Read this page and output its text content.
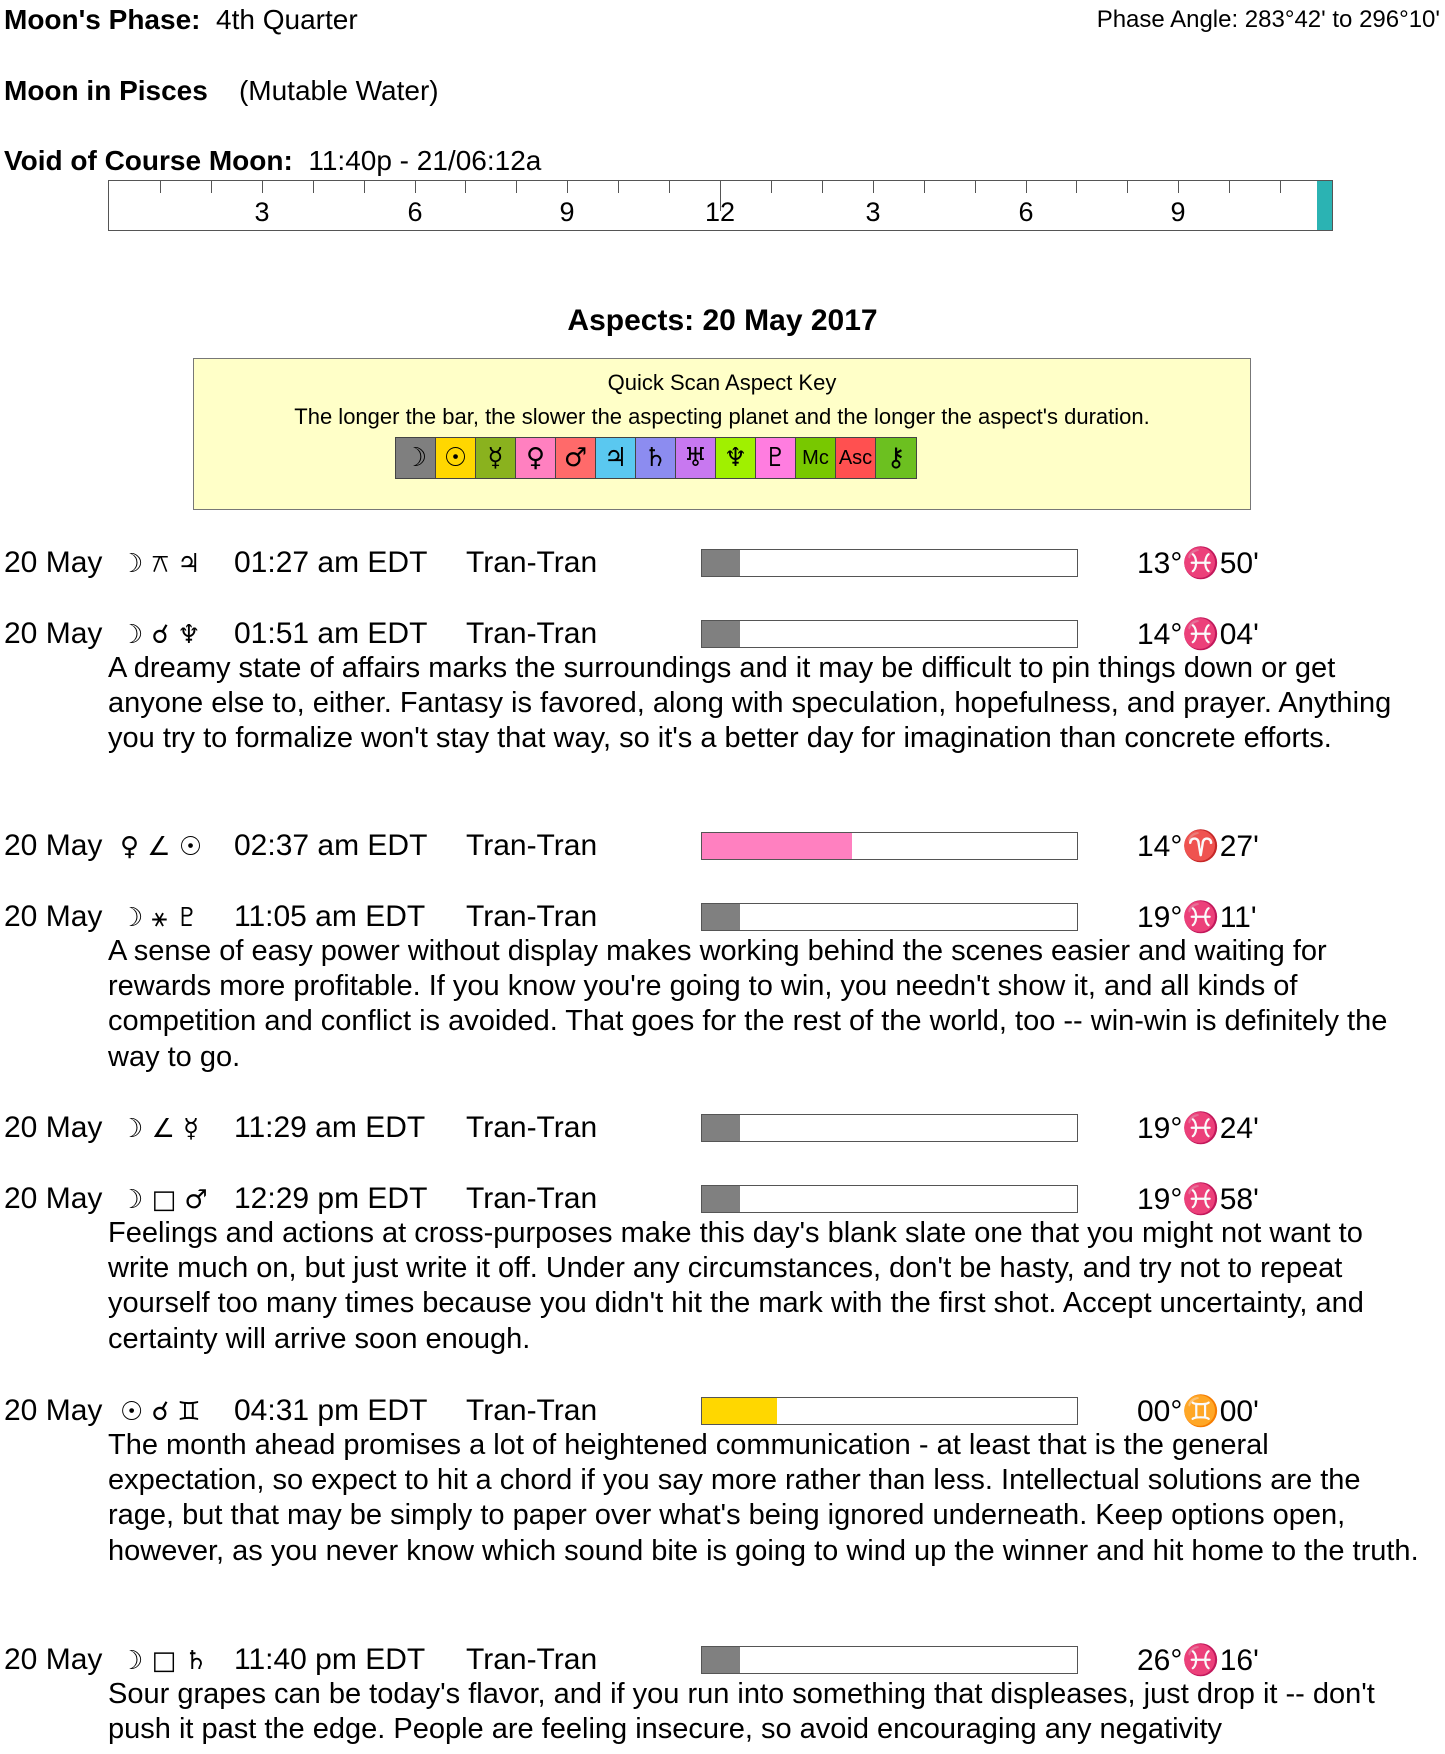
Moon's Phase: 4th Quarter	Phase Angle: 283°42' to 296°10'
Moon in Pisces (Mutable Water)
Void of Course Moon: 11:40p - 21/06:12a
3	6	9	12	3	6	9
Aspects: 20 May 2017
Quick Scan Aspect Key
The longer the bar, the slower the aspecting planet and the longer the aspect's duration.
☽ ☉ ☿ ♀ ♂ ♃ ♄ ♅ ♆ ♇ Mc Asc ⚷
20 May ☽ ⚻ ♃ 01:27 am EDT Tran-Tran	13°♓50'
20 May ☽ ☌ ♆ 01:51 am EDT Tran-Tran	14°♓04'
A dreamy state of affairs marks the surroundings and it may be difficult to pin things down or get anyone else to, either. Fantasy is favored, along with speculation, hopefulness, and prayer. Anything you try to formalize won't stay that way, so it's a better day for imagination than concrete efforts.
20 May ♀ ∠ ☉ 02:37 am EDT Tran-Tran	14°♈27'
20 May ☽ ⚹ ♇ 11:05 am EDT Tran-Tran	19°♓11'
A sense of easy power without display makes working behind the scenes easier and waiting for rewards more profitable. If you know you're going to win, you needn't show it, and all kinds of competition and conflict is avoided. That goes for the rest of the world, too -- win-win is definitely the way to go.
20 May ☽ ∠ ☿ 11:29 am EDT Tran-Tran	19°♓24'
20 May ☽ □ ♂ 12:29 pm EDT Tran-Tran	19°♓58'
Feelings and actions at cross-purposes make this day's blank slate one that you might not want to write much on, but just write it off. Under any circumstances, don't be hasty, and try not to repeat yourself too many times because you didn't hit the mark with the first shot. Accept uncertainty, and certainty will arrive soon enough.
20 May ☉ ☌ ♊ 04:31 pm EDT Tran-Tran	00°♊00'
The month ahead promises a lot of heightened communication - at least that is the general expectation, so expect to hit a chord if you say more rather than less. Intellectual solutions are the rage, but that may be simply to paper over what's being ignored underneath. Keep options open, however, as you never know which sound bite is going to wind up the winner and hit home to the truth.
20 May ☽ □ ♄ 11:40 pm EDT Tran-Tran	26°♓16'
Sour grapes can be today's flavor, and if you run into something that displeases, just drop it -- don't push it past the edge. People are feeling insecure, so avoid encouraging any negativity
